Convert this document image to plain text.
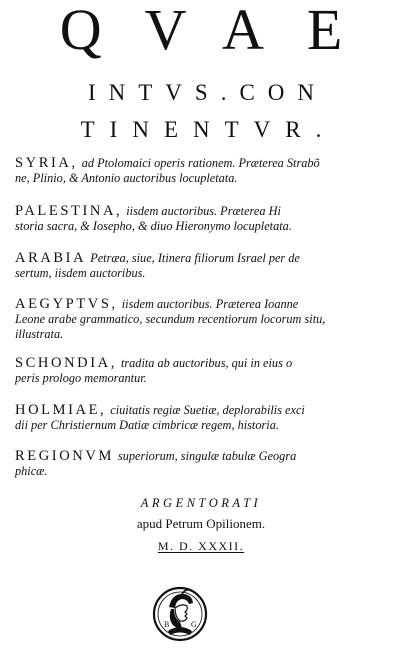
QVAE
INTVS.CON
TINENTVR.
SYRIA, ad Ptolomaici operis rationem. Præterea Strabõ
ne, Plinio, & Antonio auctoribus locupletata.
PALESTINA, iisdem auctoribus. Præterea Hi
storia sacra, & Iosepho, & diuo Hieronymo locupletata.
ARABIA Petræa, siue, Itinera filiorum Israel per de
sertum, iisdem auctoribus.
AEGYPTVS, iisdem auctoribus. Præterea Ioanne
Leone arabe grammatico, secundum recentiorum locorum situ,
illustrata.
SCHONDIA, tradita ab auctoribus, qui in eius o
peris prologo memorantur.
HOLMIAE, ciuitatis regiæ Suetiæ, deplorabilis exci
dii per Christiernum Datiæ cimbricæ regem, historia.
REGIONVM superiorum, singulæ tabulæ Geogra
phicæ.
ARGENTORATI
apud Petrum Opilionem.
M. D. XXXII.
B	G
